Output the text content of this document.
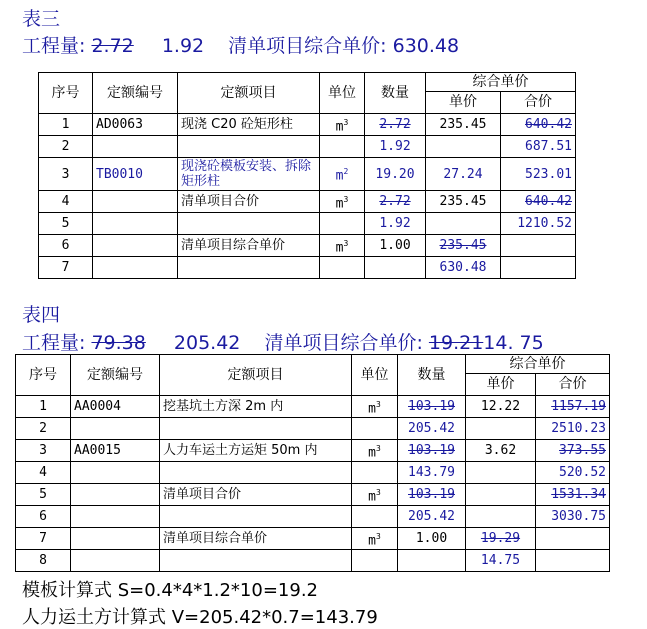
表三
工程量: 2.72 1.92 清单项目综合单价: 630.48
序号	定额编号	定额项目	单位	数量	综合单价	
					单价	合价
1	AD0063	现浇 C20 砼矩形柱	$m^3$	2.72	235.45	640.42
2				1.92		687.51
3	TB0010	现浇砼模板安装、拆除矩形柱	$m^2$	19.20	27.24	523.01
4		清单项目合价	$m^3$	2.72	235.45	640.42
5				1.92		1210.52
6		清单项目综合单价	$m^3$	1.00	235.45	
7					630.48	
表四
工程量: 79.38 205.42 清单项目综合单价: 19.2114. 75
序号	定额编号	定额项目	单位	数量	综合单价	
					单价	合价
1	AA0004	挖基坑土方深 2m 内	$m^3$	103.19	12.22	1157.19
2				205.42		2510.23
3	AA0015	人力车运土方运矩 50m 内	$m^3$	103.19	3.62	373.55
4				143.79		520.52
5		清单项目合价	$m^3$	103.19		1531.34
6				205.42		3030.75
7		清单项目综合单价	$m^3$	1.00	19.29	
8					14.75	
模板计算式 S=0.4*4*1.2*10=19.2
人力运土方计算式 V=205.42*0.7=143.79
